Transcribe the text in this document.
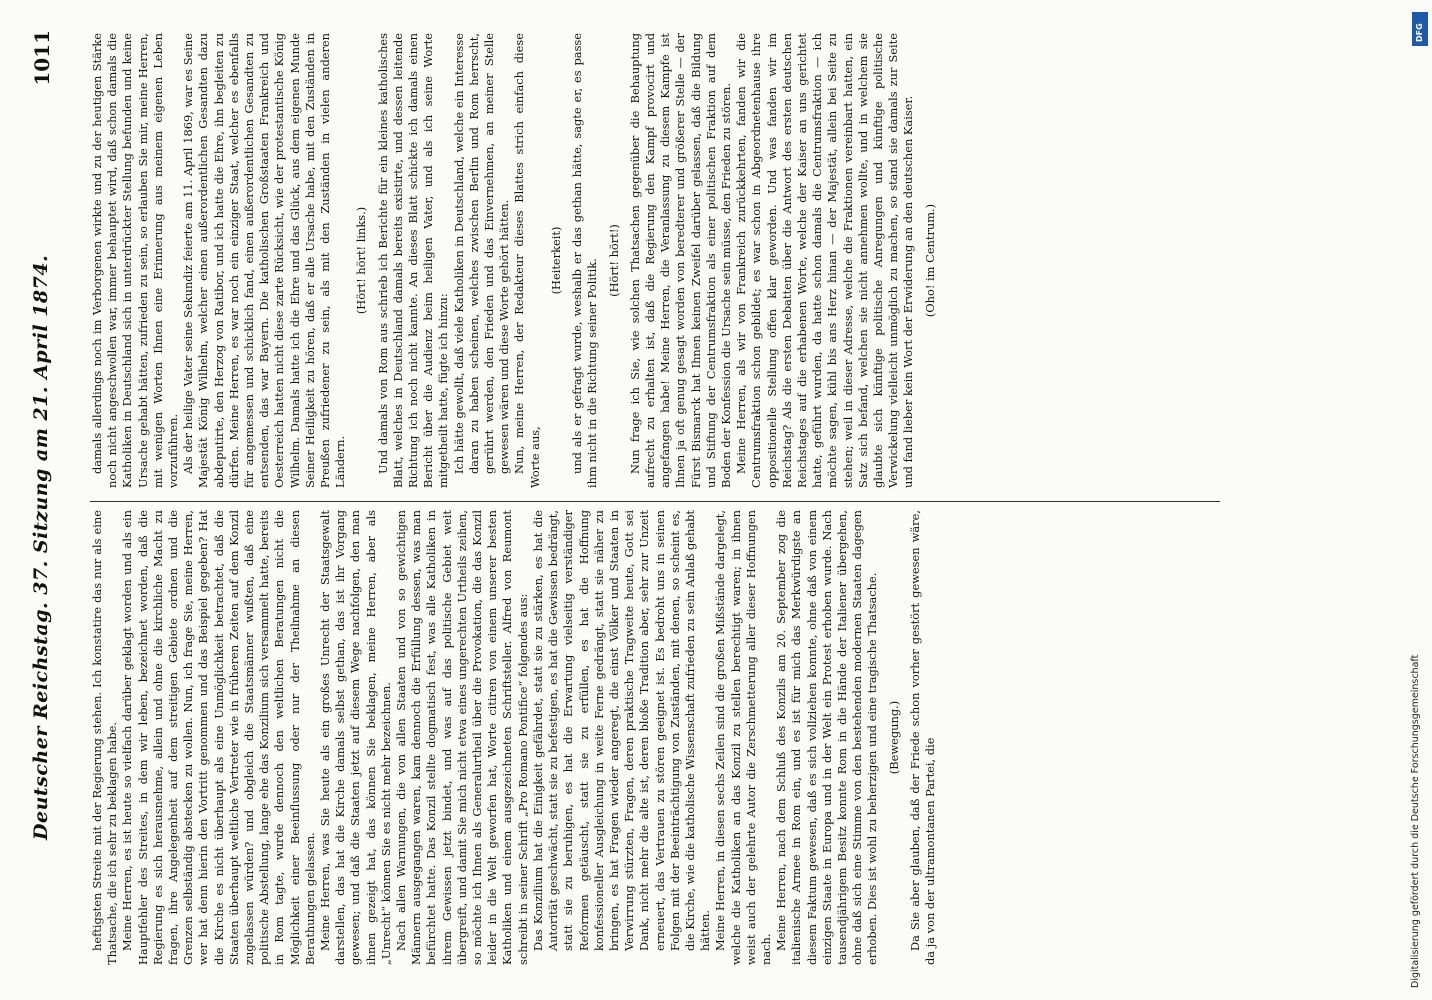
Deutscher Reichstag. 37. Sitzung am 21. April 1874.
1011

heftigsten Streite mit der Regierung stehen. Ich konstatire das nur als eine Thatsache, die ich sehr zu beklagen habe. Meine Herren, es ist heute so vielfach darüber geklagt worden und als ein Hauptfehler des Streites, in dem wir leben, bezeichnet worden, daß die Regierung es sich herausnehme, allein und ohne die kirchliche Macht zu fragen, ihre Angelegenheit auf dem streitigen Gebiete ordnen und die Grenzen selbständig abstecken zu wollen. Nun, ich frage Sie, meine Herren, wer hat denn hierin den Vortritt genommen und das Beispiel gegeben? Hat die Kirche es nicht überhaupt als eine Unmöglichkeit betrachtet, daß die Staaten überhaupt weltliche Vertreter wie in früheren Zeiten auf dem Konzil zugelassen würden? und obgleich die Staatsmänner wußten, daß eine politische Abstellung, lange ehe das Konzilium sich versammelt hatte, bereits in Rom tagte, wurde dennoch den weltlichen Beratungen nicht die Möglichkeit einer Beeinflussung oder nur der Theilnahme an diesen Berathungen gelassen. Meine Herren, was Sie heute als ein großes Unrecht der Staatsgewalt darstellen, das hat die Kirche damals selbst gethan, das ist ihr Vorgang gewesen; und daß die Staaten jetzt auf diesem Wege nachfolgen, den man ihnen gezeigt hat, das können Sie beklagen, meine Herren, aber als „Unrecht“ können Sie es nicht mehr bezeichnen. Nach allen Warnungen, die von allen Staaten und von so gewichtigen Männern ausgegangen waren, kam dennoch die Erfüllung dessen, was man befürchtet hatte. Das Konzil stellte dogmatisch fest, was alle Katholiken in ihrem Gewissen jetzt bindet, und was auf das politische Gebiet weit übergreift, und damit Sie mich nicht etwa eines ungerechten Urtheils zeihen, so möchte ich Ihnen als Generalurtheil über die Provokation, die das Konzil leider in die Welt geworfen hat, Worte citiren von einem unserer besten Katholiken und einem ausgezeichneten Schriftsteller. Alfred von Reumont schreibt in seiner Schrift „Pro Romano Pontifice“ folgendes aus: Das Konzilium hat die Einigkeit gefährdet, statt sie zu stärken, es hat die Autorität geschwächt, statt sie zu befestigen, es hat die Gewissen bedrängt, statt sie zu beruhigen, es hat die Erwartung vielseitig verständiger Reformen getäuscht, statt sie zu erfüllen, es hat die Hoffnung konfessioneller Ausgleichung in weite Ferne gedrängt, statt sie näher zu bringen, es hat Fragen wieder angeregt, die einst Völker und Staaten in Verwirrung stürzten, Fragen, deren praktische Tragweite heute, Gott sei Dank, nicht mehr die alte ist, deren bloße Tradition aber, sehr zur Unzeit erneuert, das Vertrauen zu stören geeignet ist. Es bedroht uns in seinen Folgen mit der Beeinträchtigung von Zuständen, mit denen, so scheint es, die Kirche, wie die katholische Wissenschaft zufrieden zu sein Anlaß gehabt hätten. Meine Herren, in diesen sechs Zeilen sind die großen Mißstände dargelegt, welche die Katholiken an das Konzil zu stellen berechtigt waren; in ihnen weist auch der gelehrte Autor die Zerschmetterung aller dieser Hoffnungen nach. Meine Herren, nach dem Schluß des Konzils am 20. September zog die italienische Armee in Rom ein, und es ist für mich das Merkwürdigste an diesem Faktum gewesen, daß es sich vollziehen konnte, ohne daß von einem einzigen Staate in Europa und in der Welt ein Protest erhoben wurde. Nach tausendjährigem Besitz konnte Rom in die Hände der Italiener übergehen, ohne daß sich eine Stimme von den bestehenden modernen Staaten dagegen erhoben. Dies ist wohl zu beherzigen und eine tragische Thatsache. (Bewegung.) Da Sie aber glauben, daß der Friede schon vorher gestört gewesen wäre, da ja von der ultramontanen Partei, die

damals allerdings noch im Verborgenen wirkte und zu der heutigen Stärke noch nicht angeschwollen war, immer behauptet wird, daß schon damals die Katholiken in Deutschland sich in unterdrückter Stellung befunden und keine Ursache gehabt hätten, zufrieden zu sein, so erlauben Sie mir, meine Herren, mit wenigen Worten Ihnen eine Erinnerung aus meinem eigenen Leben vorzuführen. Als der heilige Vater seine Sekundiz feierte am 11. April 1869, war es Seine Majestät König Wilhelm, welcher einen außerordentlichen Gesandten dazu abdeputirte, den Herzog von Ratibor, und ich hatte die Ehre, ihn begleiten zu dürfen. Meine Herren, es war noch ein einziger Staat, welcher es ebenfalls für angemessen und schicklich fand, einen außerordentlichen Gesandten zu entsenden, das war Bayern. Die katholischen Großstaaten Frankreich und Oesterreich hatten nicht diese zarte Rücksicht, wie der protestantische König Wilhelm. Damals hatte ich die Ehre und das Glück, aus dem eigenen Munde Seiner Heiligkeit zu hören, daß er alle Ursache habe, mit den Zuständen in Preußen zufriedener zu sein, als mit den Zuständen in vielen anderen Ländern.

(Hört! hört! links.) Und damals von Rom aus schrieb ich Berichte für ein kleines katholisches Blatt, welches in Deutschland damals bereits existirte, und dessen leitende Richtung ich noch nicht kannte. An dieses Blatt schickte ich damals einen Bericht über die Audienz beim heiligen Vater, und als ich seine Worte mitgetheilt hatte, fügte ich hinzu: Ich hätte gewollt, daß viele Katholiken in Deutschland, welche ein Interesse daran zu haben scheinen, welches zwischen Berlin und Rom herrscht, gerührt werden, den Frieden und das Einvernehmen, an meiner Stelle gewesen wären und diese Worte gehört hätten. Nun, meine Herren, der Redakteur dieses Blattes strich einfach diese Worte aus,

(Heiterkeit) und als er gefragt wurde, weshalb er das gethan hätte, sagte er, es passe ihm nicht in die Richtung seiner Politik. (Hört! hört!) Nun frage ich Sie, wie solchen Thatsachen gegenüber die Behauptung aufrecht zu erhalten ist, daß die Regierung den Kampf provocirt und angefangen habe! Meine Herren, die Veranlassung zu diesem Kampfe ist Ihnen ja oft genug gesagt worden von beredterer und größerer Stelle — der Fürst Bismarck hat Ihnen keinen Zweifel darüber gelassen, daß die Bildung und Stiftung der Centrumsfraktion als einer politischen Fraktion auf dem Boden der Konfession die Ursache sein müsse, den Frieden zu stören. Meine Herren, als wir von Frankreich zurückkehrten, fanden wir die Centrumsfraktion schon gebildet; es war schon in Abgeordnetenhause ihre oppositionelle Stellung offen klar geworden. Und was fanden wir im Reichstag? Als die ersten Debatten über die Antwort des ersten deutschen Reichstages auf die erhabenen Worte, welche der Kaiser an uns gerichtet hatte, geführt wurden, da hatte schon damals die Centrumsfraktion — ich möchte sagen, kühl bis ans Herz hinan — der Majestät, allein bei Seite zu stehen; weil in dieser Adresse, welche die Fraktionen vereinbart hatten, ein Satz sich befand, welchen sie nicht annehmen wollte, und in welchem sie glaubte sich künftige politische Anregungen und künftige politische Verwickelung vielleicht unmöglich zu machen, so stand sie damals zur Seite und fand lieber kein Wort der Erwiderung an den deutschen Kaiser. (Oho! im Centrum.)

Digitalisierung gefördert durch die Deutsche Forschungsgemeinschaft
DFG
